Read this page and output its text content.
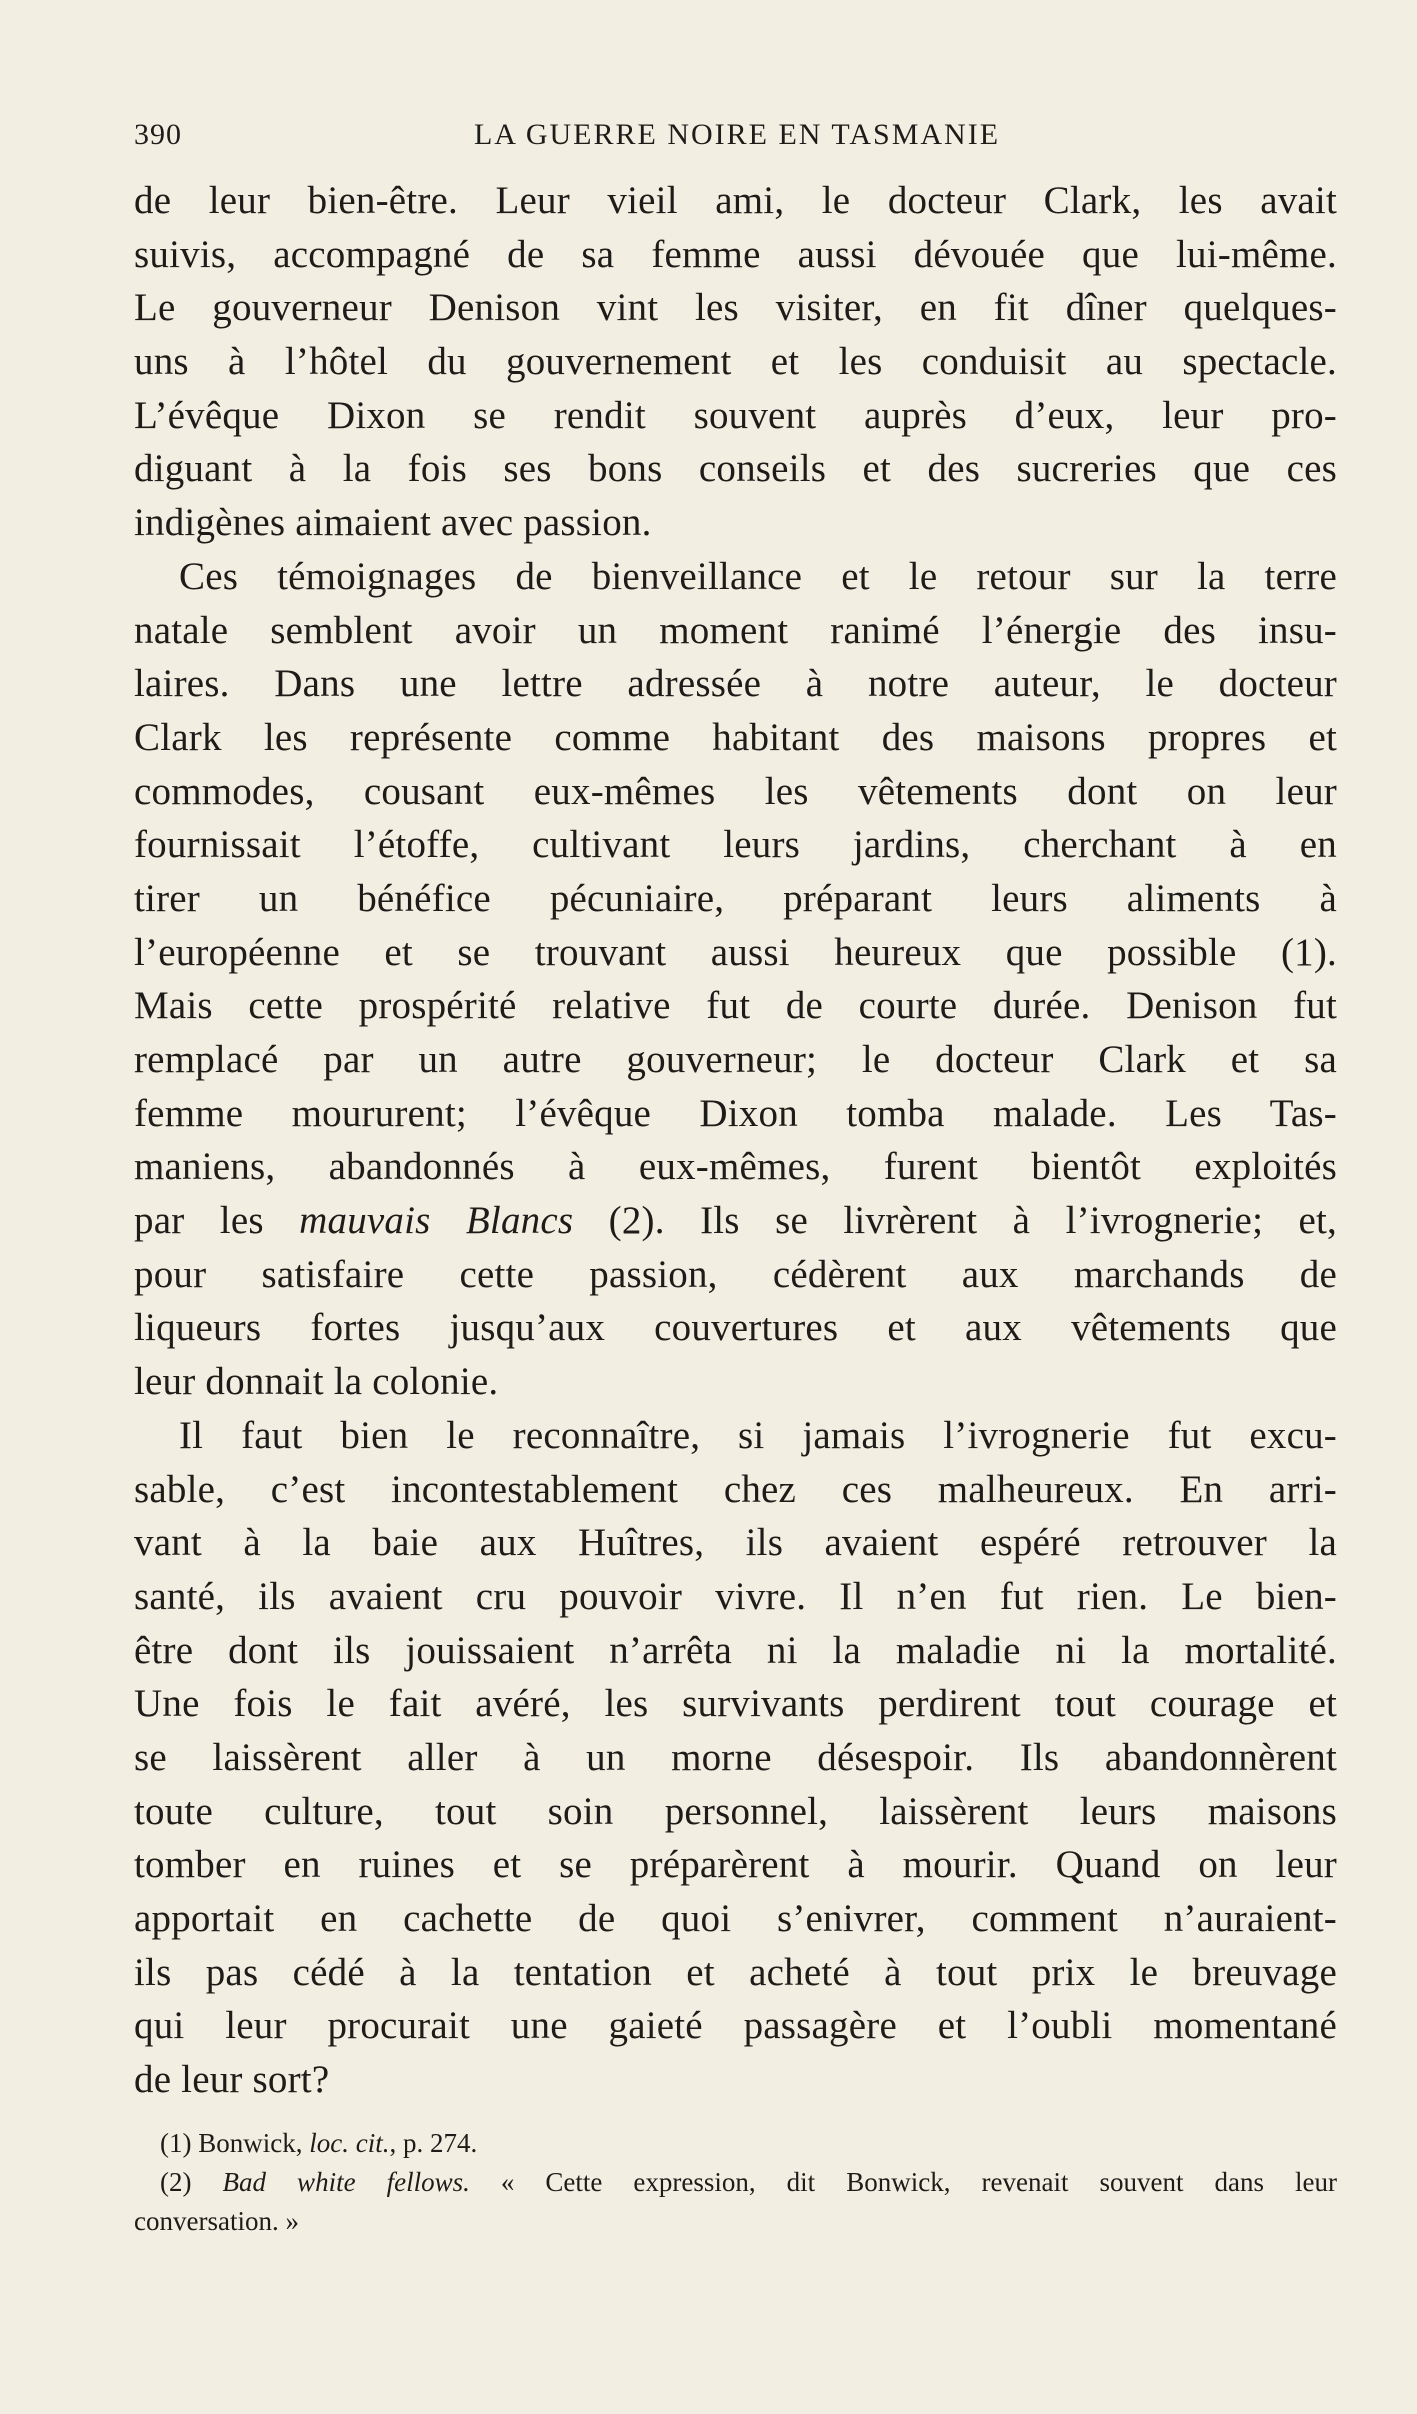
390	LA GUERRE NOIRE EN TASMANIE
de leur bien-être. Leur vieil ami, le docteur Clark, les avait
suivis, accompagné de sa femme aussi dévouée que lui-même.
Le gouverneur Denison vint les visiter, en fit dîner quelques-
uns à l’hôtel du gouvernement et les conduisit au spectacle.
L’évêque Dixon se rendit souvent auprès d’eux, leur pro-
diguant à la fois ses bons conseils et des sucreries que ces
indigènes aimaient avec passion.
Ces témoignages de bienveillance et le retour sur la terre
natale semblent avoir un moment ranimé l’énergie des insu-
laires. Dans une lettre adressée à notre auteur, le docteur
Clark les représente comme habitant des maisons propres et
commodes, cousant eux-mêmes les vêtements dont on leur
fournissait l’étoffe, cultivant leurs jardins, cherchant à en
tirer un bénéfice pécuniaire, préparant leurs aliments à
l’européenne et se trouvant aussi heureux que possible (1).
Mais cette prospérité relative fut de courte durée. Denison fut
remplacé par un autre gouverneur; le docteur Clark et sa
femme moururent; l’évêque Dixon tomba malade. Les Tas-
maniens, abandonnés à eux-mêmes, furent bientôt exploités
par les mauvais Blancs (2). Ils se livrèrent à l’ivrognerie; et,
pour satisfaire cette passion, cédèrent aux marchands de
liqueurs fortes jusqu’aux couvertures et aux vêtements que
leur donnait la colonie.
Il faut bien le reconnaître, si jamais l’ivrognerie fut excu-
sable, c’est incontestablement chez ces malheureux. En arri-
vant à la baie aux Huîtres, ils avaient espéré retrouver la
santé, ils avaient cru pouvoir vivre. Il n’en fut rien. Le bien-
être dont ils jouissaient n’arrêta ni la maladie ni la mortalité.
Une fois le fait avéré, les survivants perdirent tout courage et
se laissèrent aller à un morne désespoir. Ils abandonnèrent
toute culture, tout soin personnel, laissèrent leurs maisons
tomber en ruines et se préparèrent à mourir. Quand on leur
apportait en cachette de quoi s’enivrer, comment n’auraient-
ils pas cédé à la tentation et acheté à tout prix le breuvage
qui leur procurait une gaieté passagère et l’oubli momentané
de leur sort?
(1) Bonwick, loc. cit., p. 274.
(2) Bad white fellows. « Cette expression, dit Bonwick, revenait souvent dans leur
conversation. »
